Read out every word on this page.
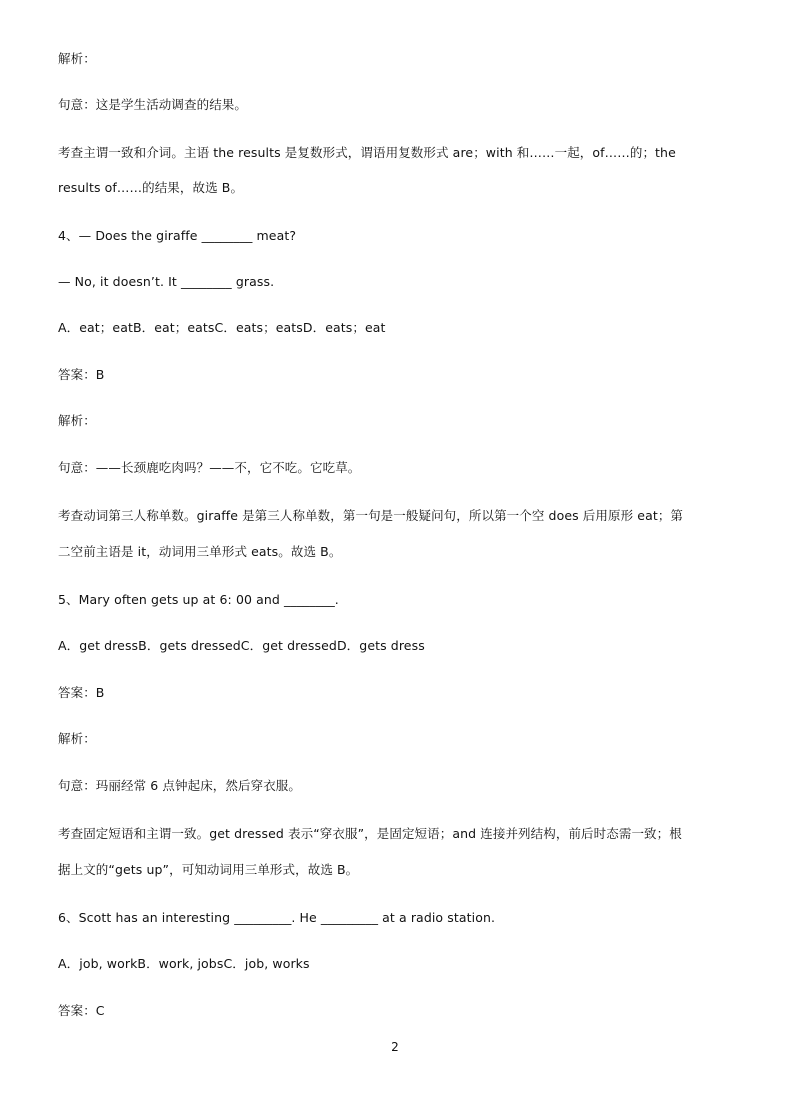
解析：
句意：这是学生活动调查的结果。
考查主谓一致和介词。主语 the results 是复数形式，谓语用复数形式 are；with 和……一起，of……的；the
results of……的结果，故选 B。
4、— Does the giraffe ________ meat?
— No, it doesn’t. It ________ grass.
A．eat；eatB．eat；eatsC．eats；eatsD．eats；eat
答案：B
解析：
句意：——长颈鹿吃肉吗？——不，它不吃。它吃草。
考查动词第三人称单数。giraffe 是第三人称单数，第一句是一般疑问句，所以第一个空 does 后用原形 eat；第
二空前主语是 it，动词用三单形式 eats。故选 B。
5、Mary often gets up at 6: 00 and ________.
A．get dressB．gets dressedC．get dressedD．gets dress
答案：B
解析：
句意：玛丽经常 6 点钟起床，然后穿衣服。
考查固定短语和主谓一致。get dressed 表示“穿衣服”，是固定短语；and 连接并列结构，前后时态需一致；根
据上文的“gets up”，可知动词用三单形式，故选 B。
6、Scott has an interesting _________. He _________ at a radio station.
A．job, workB．work, jobsC．job, works
答案：C
2
